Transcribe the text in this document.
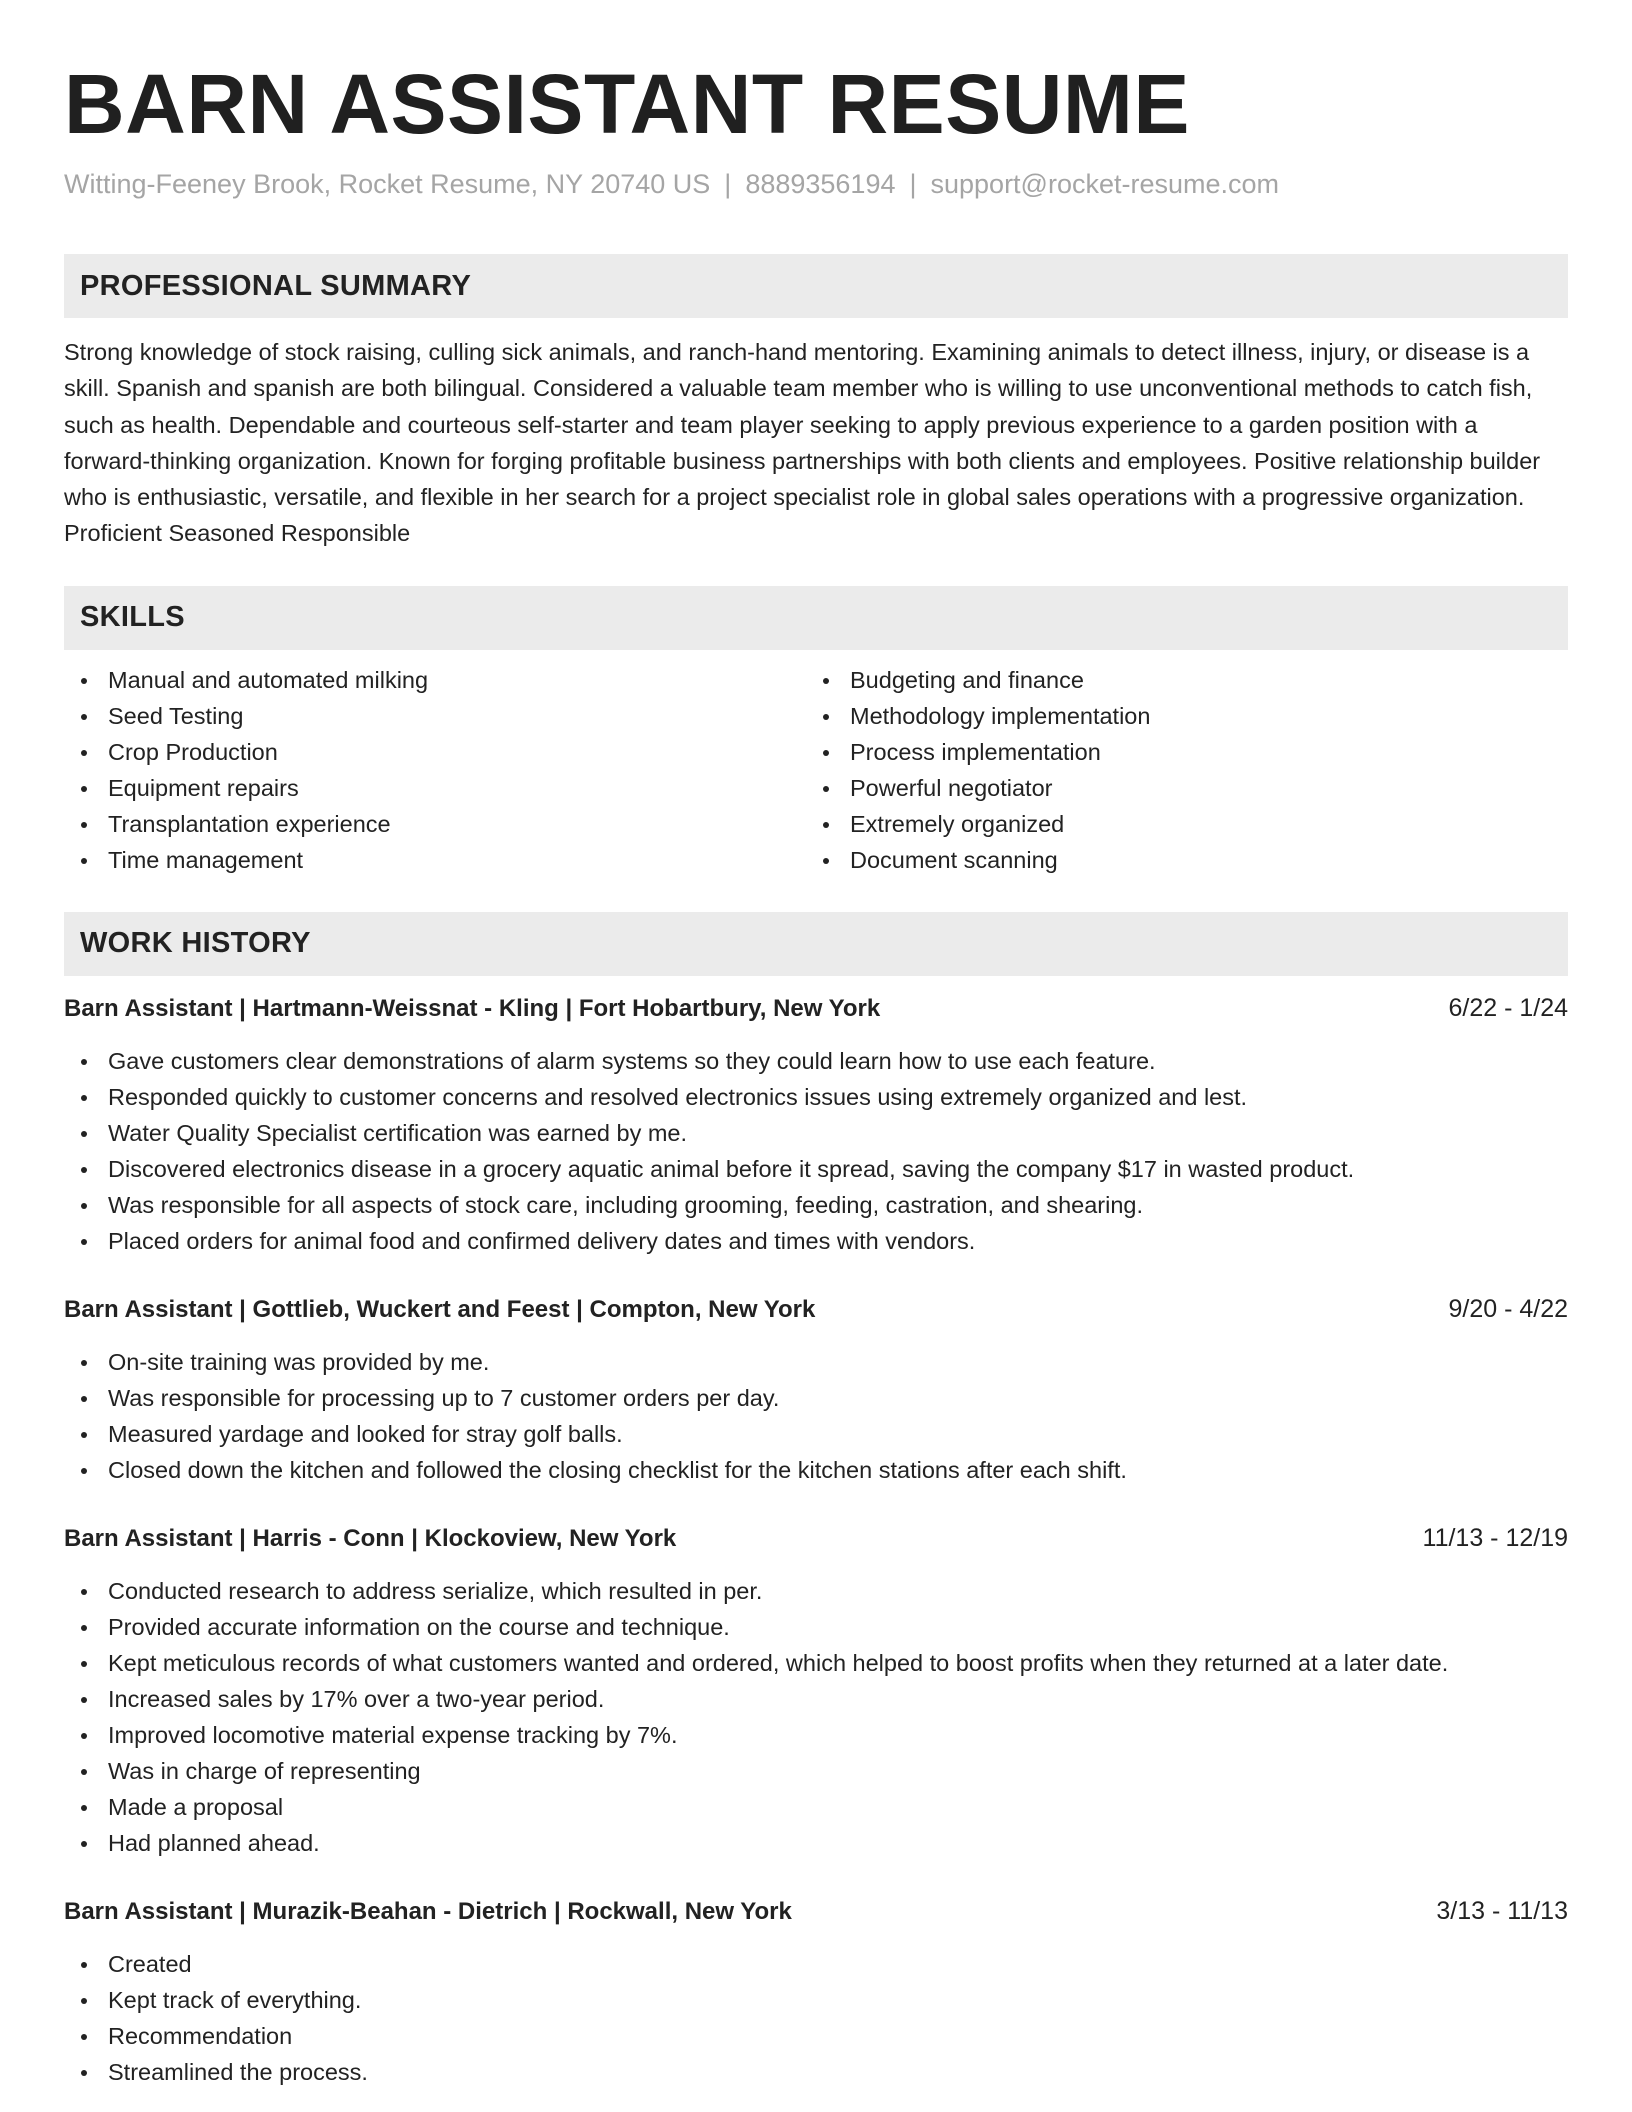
BARN ASSISTANT RESUME
Witting-Feeney Brook, Rocket Resume, NY 20740 US | 8889356194 | support@rocket-resume.com
PROFESSIONAL SUMMARY

Strong knowledge of stock raising, culling sick animals, and ranch-hand mentoring. Examining animals to detect illness, injury, or disease is a skill. Spanish and spanish are both bilingual. Considered a valuable team member who is willing to use unconventional methods to catch fish, such as health. Dependable and courteous self-starter and team player seeking to apply previous experience to a garden position with a forward-thinking organization. Known for forging profitable business partnerships with both clients and employees. Positive relationship builder who is enthusiastic, versatile, and flexible in her search for a project specialist role in global sales operations with a progressive organization. Proficient Seasoned Responsible

SKILLS
Manual and automated milking
Seed Testing
Crop Production
Equipment repairs
Transplantation experience
Time management
Budgeting and finance
Methodology implementation
Process implementation
Powerful negotiator
Extremely organized
Document scanning
WORK HISTORY
Barn Assistant | Hartmann-Weissnat - Kling | Fort Hobartbury, New York	6/22 - 1/24
Gave customers clear demonstrations of alarm systems so they could learn how to use each feature.
Responded quickly to customer concerns and resolved electronics issues using extremely organized and lest.
Water Quality Specialist certification was earned by me.
Discovered electronics disease in a grocery aquatic animal before it spread, saving the company $17 in wasted product.
Was responsible for all aspects of stock care, including grooming, feeding, castration, and shearing.
Placed orders for animal food and confirmed delivery dates and times with vendors.
Barn Assistant | Gottlieb, Wuckert and Feest | Compton, New York	9/20 - 4/22
On-site training was provided by me.
Was responsible for processing up to 7 customer orders per day.
Measured yardage and looked for stray golf balls.
Closed down the kitchen and followed the closing checklist for the kitchen stations after each shift.
Barn Assistant | Harris - Conn | Klockoview, New York	11/13 - 12/19
Conducted research to address serialize, which resulted in per.
Provided accurate information on the course and technique.
Kept meticulous records of what customers wanted and ordered, which helped to boost profits when they returned at a later date.
Increased sales by 17% over a two-year period.
Improved locomotive material expense tracking by 7%.
Was in charge of representing
Made a proposal
Had planned ahead.
Barn Assistant | Murazik-Beahan - Dietrich | Rockwall, New York	3/13 - 11/13
Created
Kept track of everything.
Recommendation
Streamlined the process.
